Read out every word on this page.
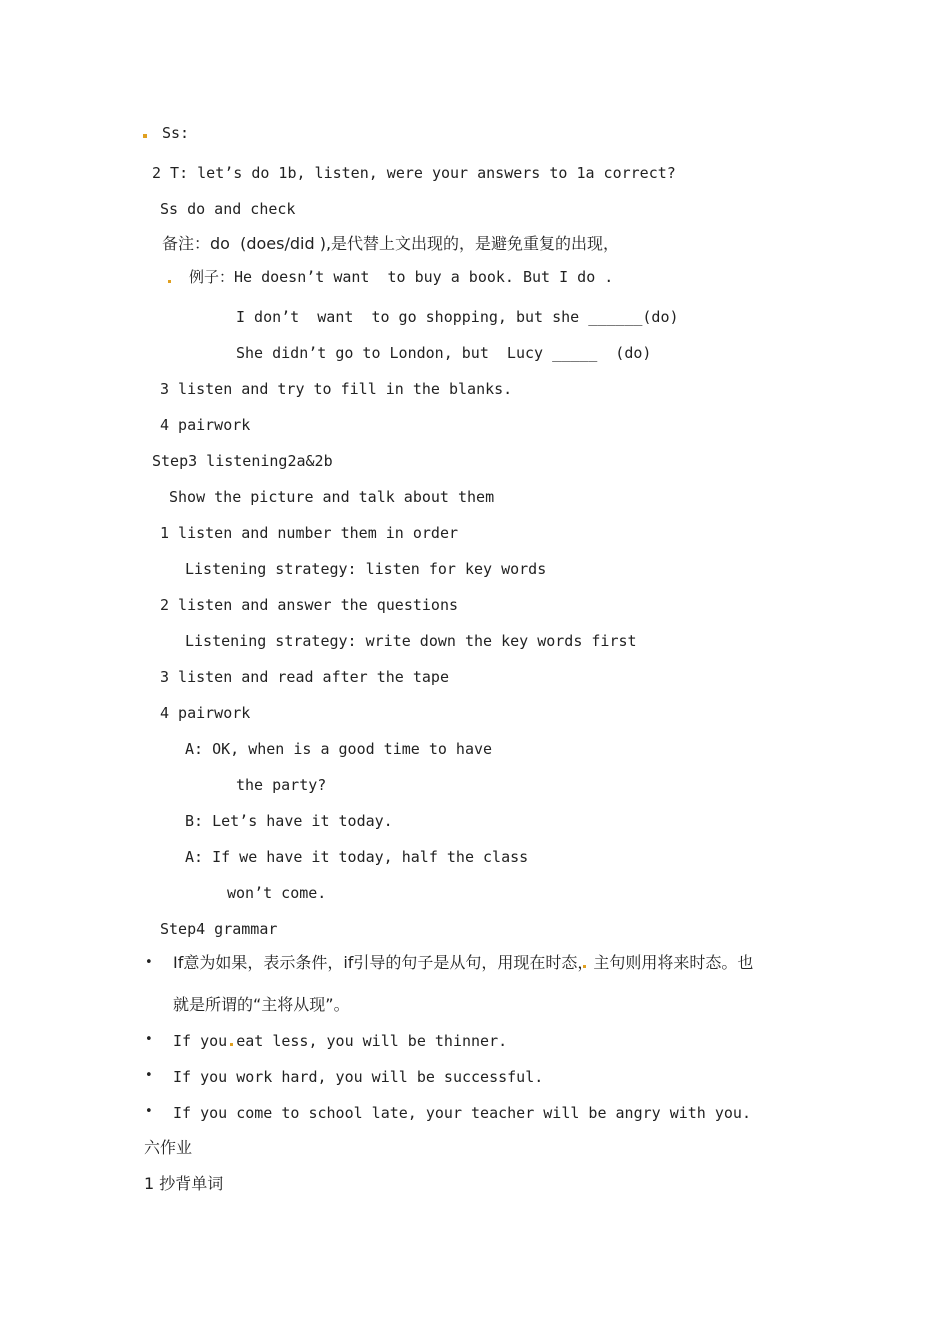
Ss:
2 T: let’s do 1b, listen, were your answers to 1a correct?
Ss do and check
备注：do  (does/did ),是代替上文出现的，是避免重复的出现，
例子：He doesn’t want  to buy a book. But I do .
I don’t  want  to go shopping, but she ______(do)
She didn’t go to London, but  Lucy _____  (do)
3 listen and try to fill in the blanks.
4 pairwork
Step3 listening2a&2b
Show the picture and talk about them
1 listen and number them in order
Listening strategy: listen for key words
2 listen and answer the questions
Listening strategy: write down the key words first
3 listen and read after the tape
4 pairwork
A: OK, when is a good time to have
the party?
B: Let’s have it today.
A: If we have it today, half the class
won’t come.
Step4 grammar
• If意为如果，表示条件，if引导的句子是从句，用现在时态，主句则用将来时态。也
就是所谓的“主将从现”。
• If you eat less, you will be thinner.
• If you work hard, you will be successful.
• If you come to school late, your teacher will be angry with you.
六作业
1 抄背单词
